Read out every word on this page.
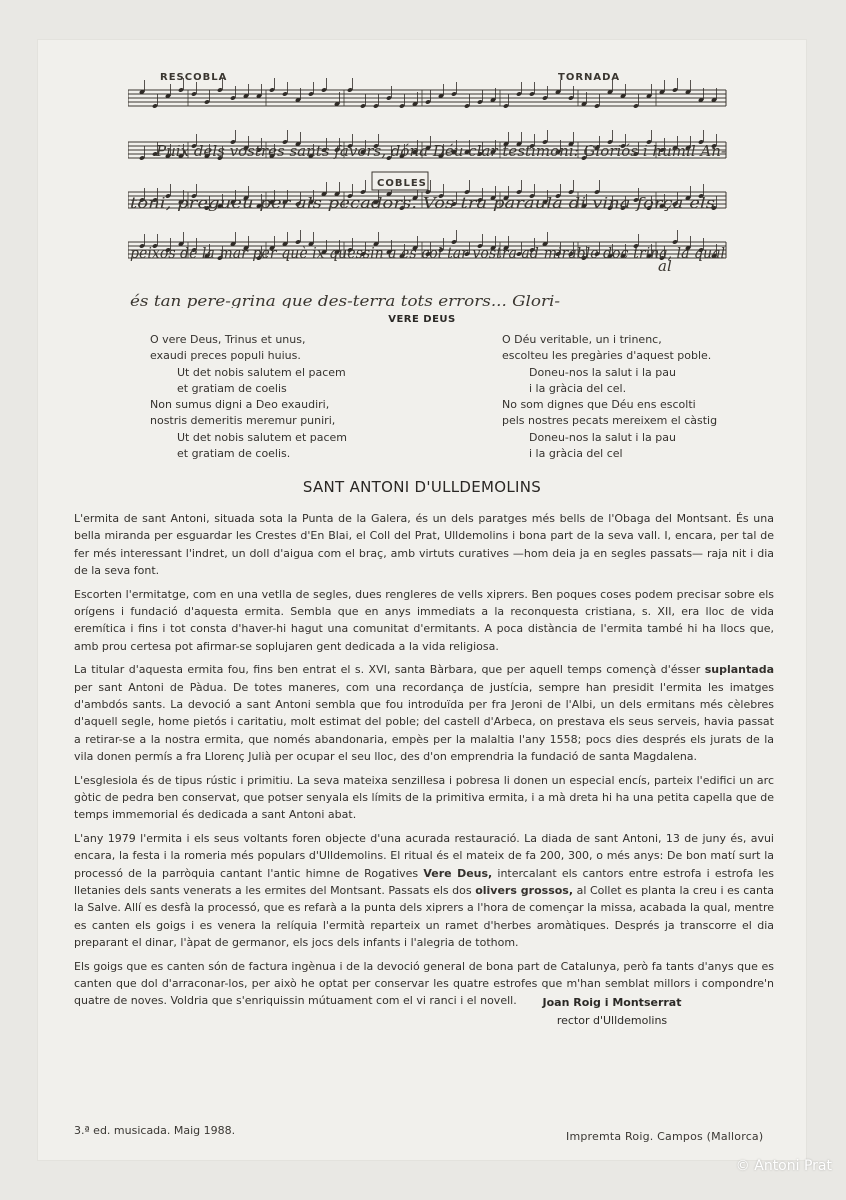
RESCOBLA	TORNADA
Puix dels vostres sants favors, dóna Déu clar testimoni: Gloriós i humil An-
toni, pregueu per als pecadors. Vos-tra paraula di-vina força els
peixos de la mar per-què ix-quessin a es-col-tar vostra ad-mirable doc-trina, la qual
és tan pere-grina que des-terra tots errors... Glori-
COBLES
al
VERE DEUS
O vere Deus, Trinus et unus,
exaudi preces populi huius.
Ut det nobis salutem el pacem
et gratiam de coelis
Non sumus digni a Deo exaudiri,
nostris demeritis meremur puniri,
Ut det nobis salutem et pacem
et gratiam de coelis.
O Déu veritable, un i trinenc,
escolteu les pregàries d'aquest poble.
Doneu-nos la salut i la pau
i la gràcia del cel.
No som dignes que Déu ens escolti
pels nostres pecats mereixem el càstig
Doneu-nos la salut i la pau
i la gràcia del cel
SANT ANTONI D'ULLDEMOLINS

L'ermita de sant Antoni, situada sota la Punta de la Galera, és un dels paratges més bells de l'Obaga del Montsant. És una bella miranda per esguardar les Crestes d'En Blai, el Coll del Prat, Ulldemolins i bona part de la seva vall. I, encara, per tal de fer més interessant l'indret, un doll d'aigua com el braç, amb virtuts curatives —hom deia ja en segles passats— raja nit i dia de la seva font.

Escorten l'ermitatge, com en una vetlla de segles, dues rengleres de vells xiprers. Ben poques coses podem precisar sobre els orígens i fundació d'aquesta ermita. Sembla que en anys immediats a la reconquesta cristiana, s. XII, era lloc de vida eremítica i fins i tot consta d'haver-hi hagut una comunitat d'ermitants. A poca distància de l'ermita també hi ha llocs que, amb prou certesa pot afirmar-se soplujaren gent dedicada a la vida religiosa.

La titular d'aquesta ermita fou, fins ben entrat el s. XVI, santa Bàrbara, que per aquell temps començà d'ésser suplantada per sant Antoni de Pàdua. De totes maneres, com una recordança de justícia, sempre han presidit l'ermita les imatges d'ambdós sants. La devoció a sant Antoni sembla que fou introduïda per fra Jeroni de l'Albi, un dels ermitans més cèlebres d'aquell segle, home pietós i caritatiu, molt estimat del poble; del castell d'Arbeca, on prestava els seus serveis, havia passat a retirar-se a la nostra ermita, que només abandonaria, empès per la malaltia l'any 1558; pocs dies després els jurats de la vila donen permís a fra Llorenç Julià per ocupar el seu lloc, des d'on emprendria la fundació de santa Magdalena.

L'esglesiola és de tipus rústic i primitiu. La seva mateixa senzillesa i pobresa li donen un especial encís, parteix l'edifici un arc gòtic de pedra ben conservat, que potser senyala els límits de la primitiva ermita, i a mà dreta hi ha una petita capella que de temps immemorial és dedicada a sant Antoni abat.

L'any 1979 l'ermita i els seus voltants foren objecte d'una acurada restauració. La diada de sant Antoni, 13 de juny és, avui encara, la festa i la romeria més populars d'Ulldemolins. El ritual és el mateix de fa 200, 300, o més anys: De bon matí surt la processó de la parròquia cantant l'antic himne de Rogatives Vere Deus, intercalant els cantors entre estrofa i estrofa les lletanies dels sants venerats a les ermites del Montsant. Passats els dos olivers grossos, al Collet es planta la creu i es canta la Salve. Allí es desfà la processó, que es refarà a la punta dels xiprers a l'hora de començar la missa, acabada la qual, mentre es canten els goigs i es venera la relíquia l'ermità reparteix un ramet d'herbes aromàtiques. Després ja transcorre el dia preparant el dinar, l'àpat de germanor, els jocs dels infants i l'alegria de tothom.

Els goigs que es canten són de factura ingènua i de la devoció general de bona part de Catalunya, però fa tants d'anys que es canten que dol d'arraconar-los, per això he optat per conservar les quatre estrofes que m'han semblat millors i compondre'n quatre de noves. Voldria que s'enriquissin mútuament com el vi ranci i el novell.	Joan Roig i Montserrat
rector d'Ulldemolins
3.ª ed. musicada. Maig 1988.	Impremta Roig. Campos (Mallorca)
© Antoni Prat
